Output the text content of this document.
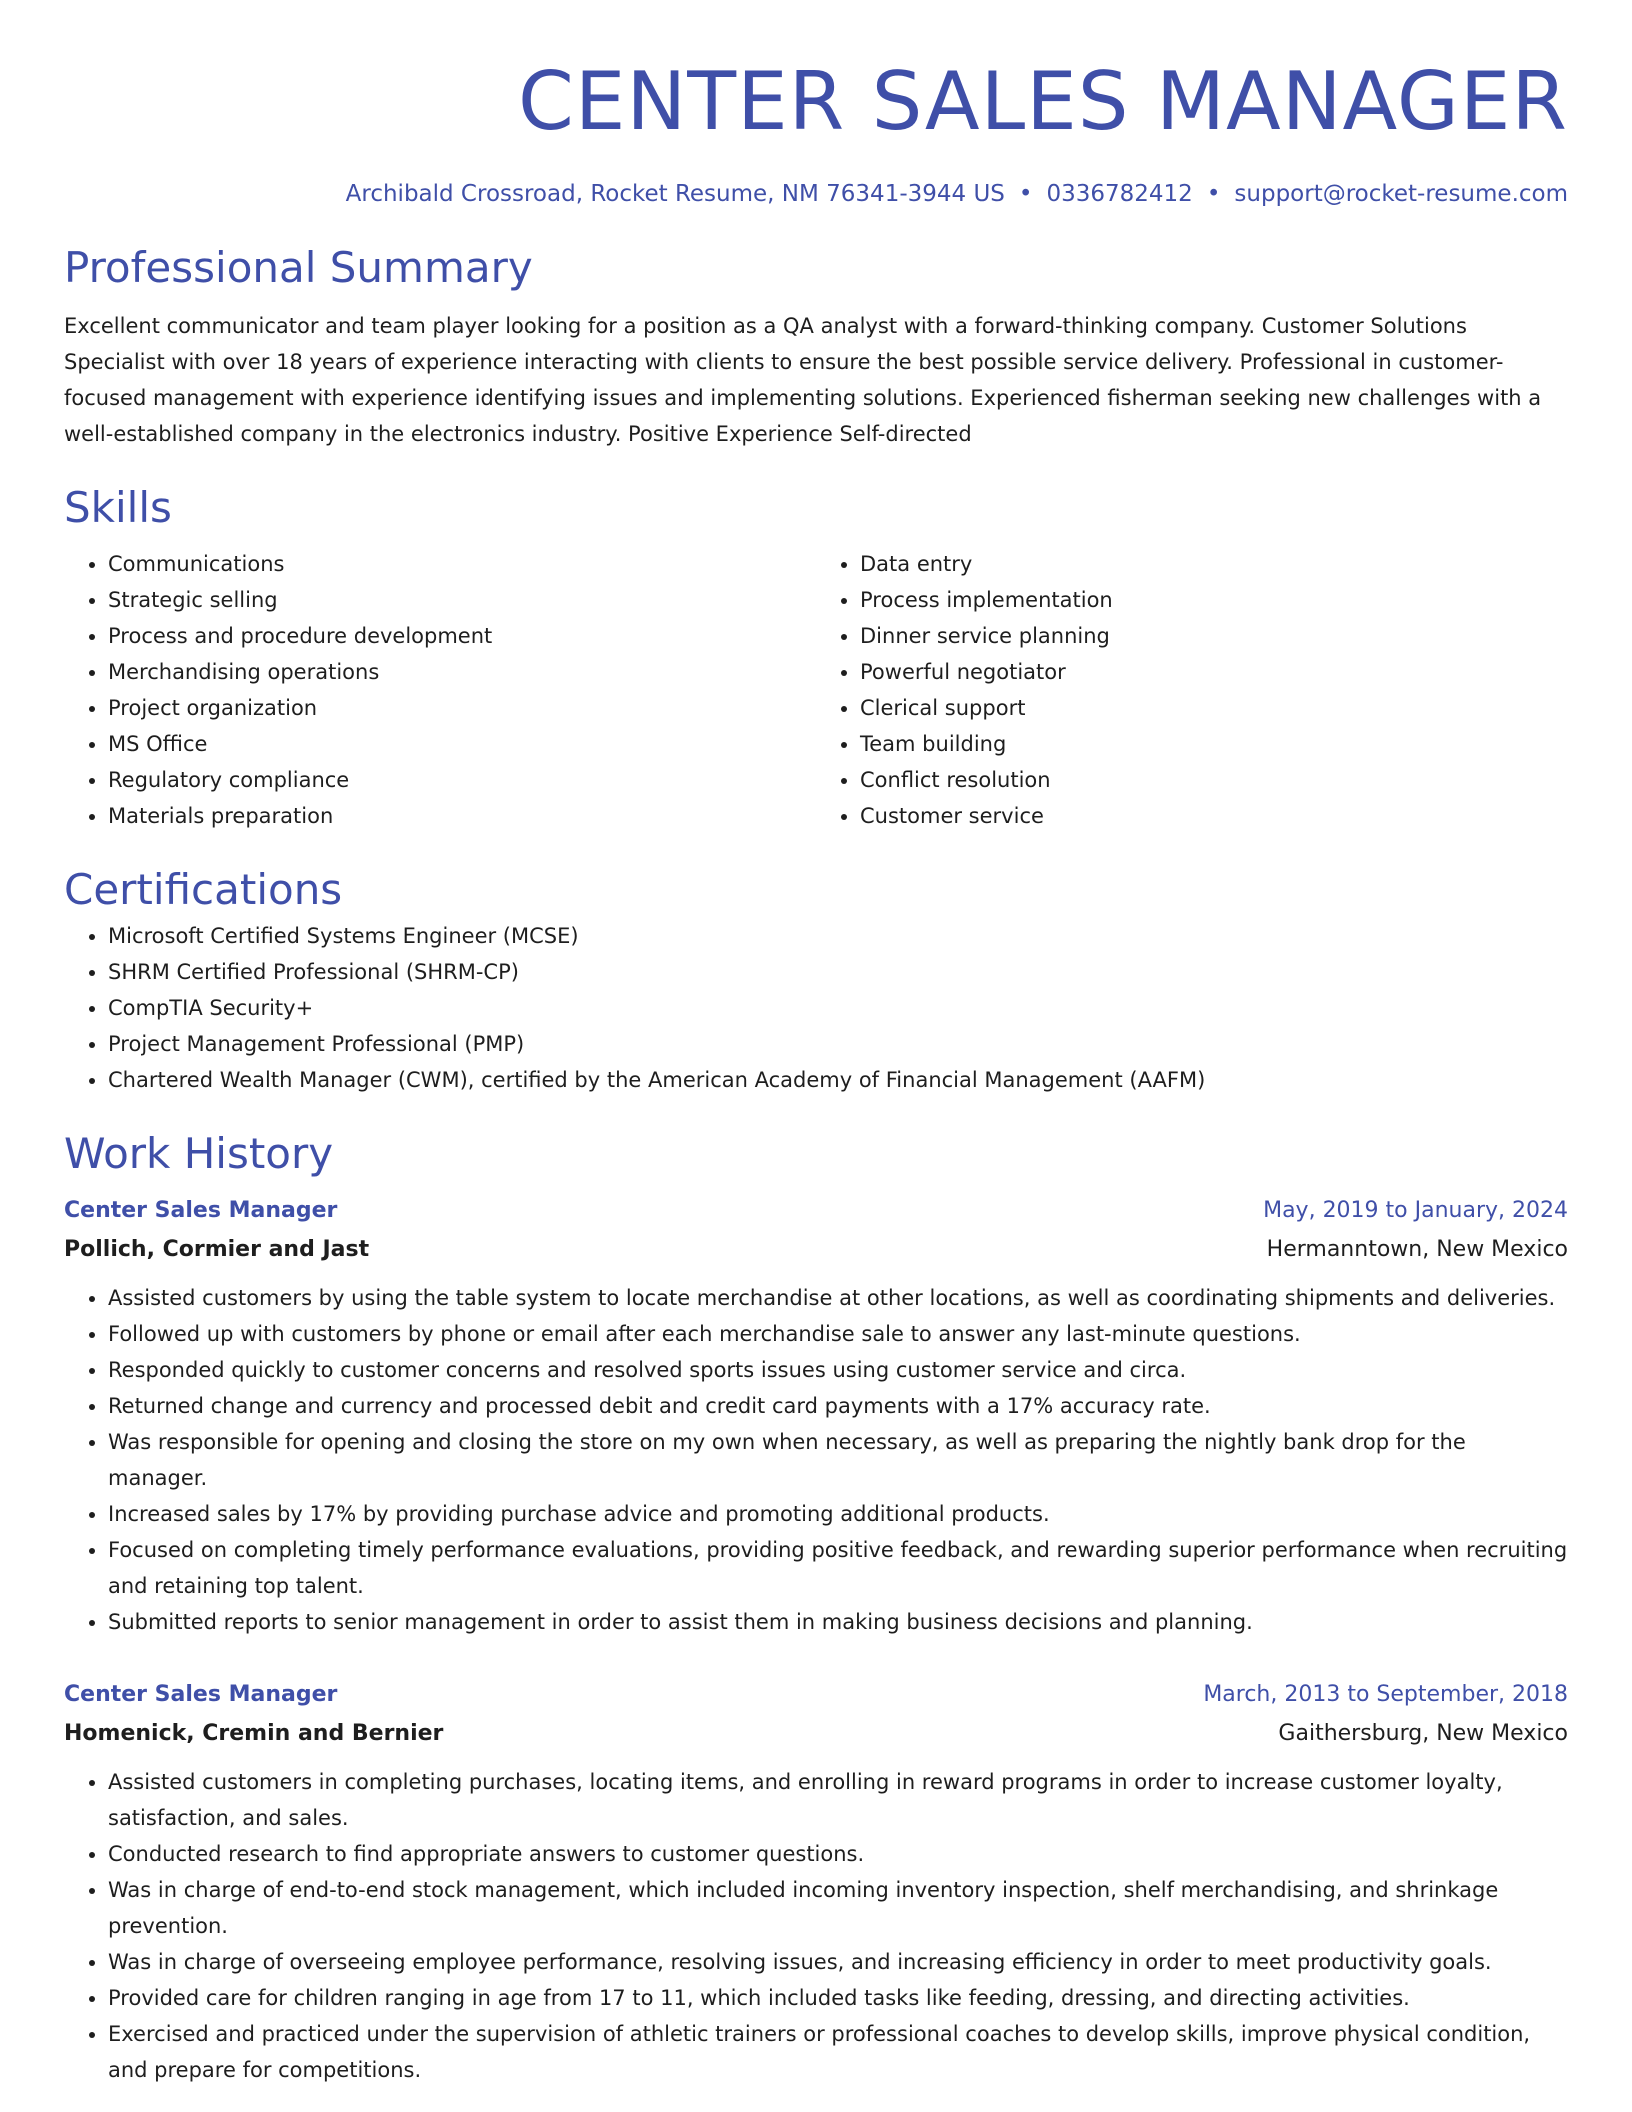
CENTER SALES MANAGER
Archibald Crossroad, Rocket Resume, NM 76341-3944 US • 0336782412 • support@rocket-resume.com
Professional Summary

Excellent communicator and team player looking for a position as a QA analyst with a forward-thinking company. Customer Solutions Specialist with over 18 years of experience interacting with clients to ensure the best possible service delivery. Professional in customer-focused management with experience identifying issues and implementing solutions. Experienced fisherman seeking new challenges with a well-established company in the electronics industry. Positive Experience Self-directed

Skills
• Communications
• Strategic selling
• Process and procedure development
• Merchandising operations
• Project organization
• MS Office
• Regulatory compliance
• Materials preparation
• Data entry
• Process implementation
• Dinner service planning
• Powerful negotiator
• Clerical support
• Team building
• Conflict resolution
• Customer service
Certifications
• Microsoft Certified Systems Engineer (MCSE)
• SHRM Certified Professional (SHRM-CP)
• CompTIA Security+
• Project Management Professional (PMP)
• Chartered Wealth Manager (CWM), certified by the American Academy of Financial Management (AAFM)
Work History
Center Sales Manager	May, 2019 to January, 2024
Pollich, Cormier and Jast	Hermanntown, New Mexico
• Assisted customers by using the table system to locate merchandise at other locations, as well as coordinating shipments and deliveries.
• Followed up with customers by phone or email after each merchandise sale to answer any last-minute questions.
• Responded quickly to customer concerns and resolved sports issues using customer service and circa.
• Returned change and currency and processed debit and credit card payments with a 17% accuracy rate.
• Was responsible for opening and closing the store on my own when necessary, as well as preparing the nightly bank drop for the manager.
• Increased sales by 17% by providing purchase advice and promoting additional products.
• Focused on completing timely performance evaluations, providing positive feedback, and rewarding superior performance when recruiting and retaining top talent.
• Submitted reports to senior management in order to assist them in making business decisions and planning.
Center Sales Manager	March, 2013 to September, 2018
Homenick, Cremin and Bernier	Gaithersburg, New Mexico
• Assisted customers in completing purchases, locating items, and enrolling in reward programs in order to increase customer loyalty, satisfaction, and sales.
• Conducted research to find appropriate answers to customer questions.
• Was in charge of end-to-end stock management, which included incoming inventory inspection, shelf merchandising, and shrinkage prevention.
• Was in charge of overseeing employee performance, resolving issues, and increasing efficiency in order to meet productivity goals.
• Provided care for children ranging in age from 17 to 11, which included tasks like feeding, dressing, and directing activities.
• Exercised and practiced under the supervision of athletic trainers or professional coaches to develop skills, improve physical condition, and prepare for competitions.
